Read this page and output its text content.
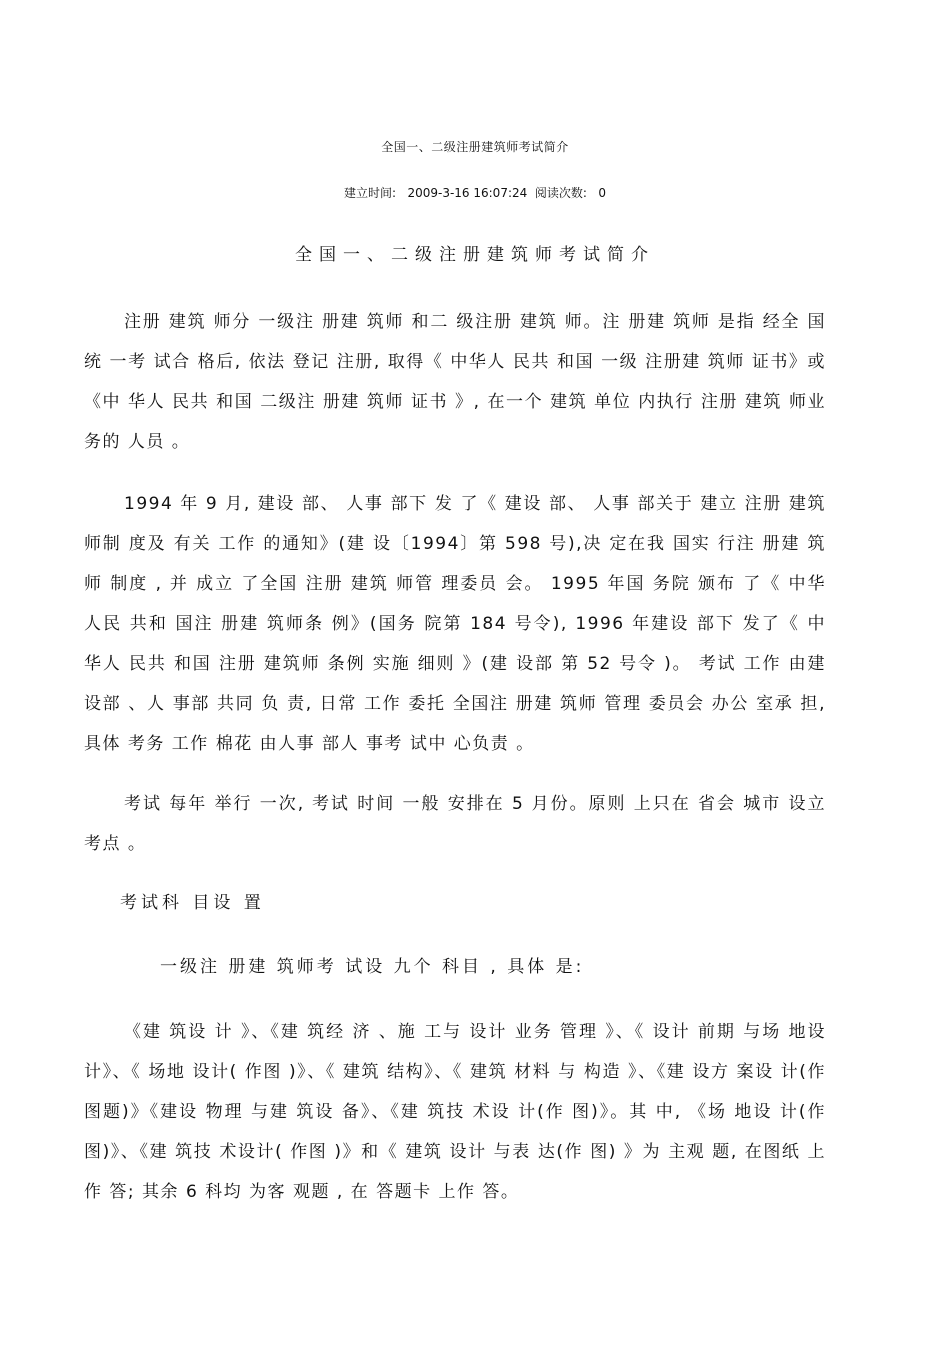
全国一、二级注册建筑师考试简介
建立时间: 2009-3-16 16:07:24 阅读次数: 0
全国一、二级注册建筑师考试简介

注册 建筑 师分 一级注 册建 筑师 和二 级注册 建筑 师。注 册建 筑师 是指 经全 国统 一考 试合 格后, 依法 登记 注册, 取得《 中华人 民共 和国 一级 注册建 筑师 证书》或《中 华人 民共 和国 二级注 册建 筑师 证书 》, 在一个 建筑 单位 内执行 注册 建筑 师业 务的 人员 。

1994 年 9 月, 建设 部、 人事 部下 发 了《 建设 部、 人事 部关于 建立 注册 建筑 师制 度及 有关 工作 的通知》(建 设〔1994〕第 598 号),决 定在我 国实 行注 册建 筑师 制度 , 并 成立 了全国 注册 建筑 师管 理委员 会。 1995 年国 务院 颁布 了《 中华 人民 共和 国注 册建 筑师条 例》(国务 院第 184 号令), 1996 年建设 部下 发了《 中 华人 民共 和国 注册 建筑师 条例 实施 细则 》(建 设部 第 52 号令 )。 考试 工作 由建 设部 、人 事部 共同 负 责, 日常 工作 委托 全国注 册建 筑师 管理 委员会 办公 室承 担, 具体 考务 工作 棉花 由人事 部人 事考 试中 心负责 。

考试 每年 举行 一次, 考试 时间 一般 安排在 5 月份。原则 上只在 省会 城市 设立 考点 。

考试科 目设 置
一级注 册建 筑师考 试设 九个 科目 , 具体 是:

《建 筑设 计 》、《建 筑经 济 、施 工与 设计 业务 管理 》、《 设计 前期 与场 地设 计》、《 场地 设计( 作图 )》、《 建筑 结构》、《 建筑 材料 与 构造 》、《建 设方 案设 计(作 图题)》《建设 物理 与建 筑设 备》、《建 筑技 术设 计(作 图)》。其 中, 《场 地设 计(作 图)》、《建 筑技 术设计( 作图 )》和《 建筑 设计 与表 达(作 图) 》为 主观 题, 在图纸 上作 答; 其余 6 科均 为客 观题 , 在 答题卡 上作 答。
